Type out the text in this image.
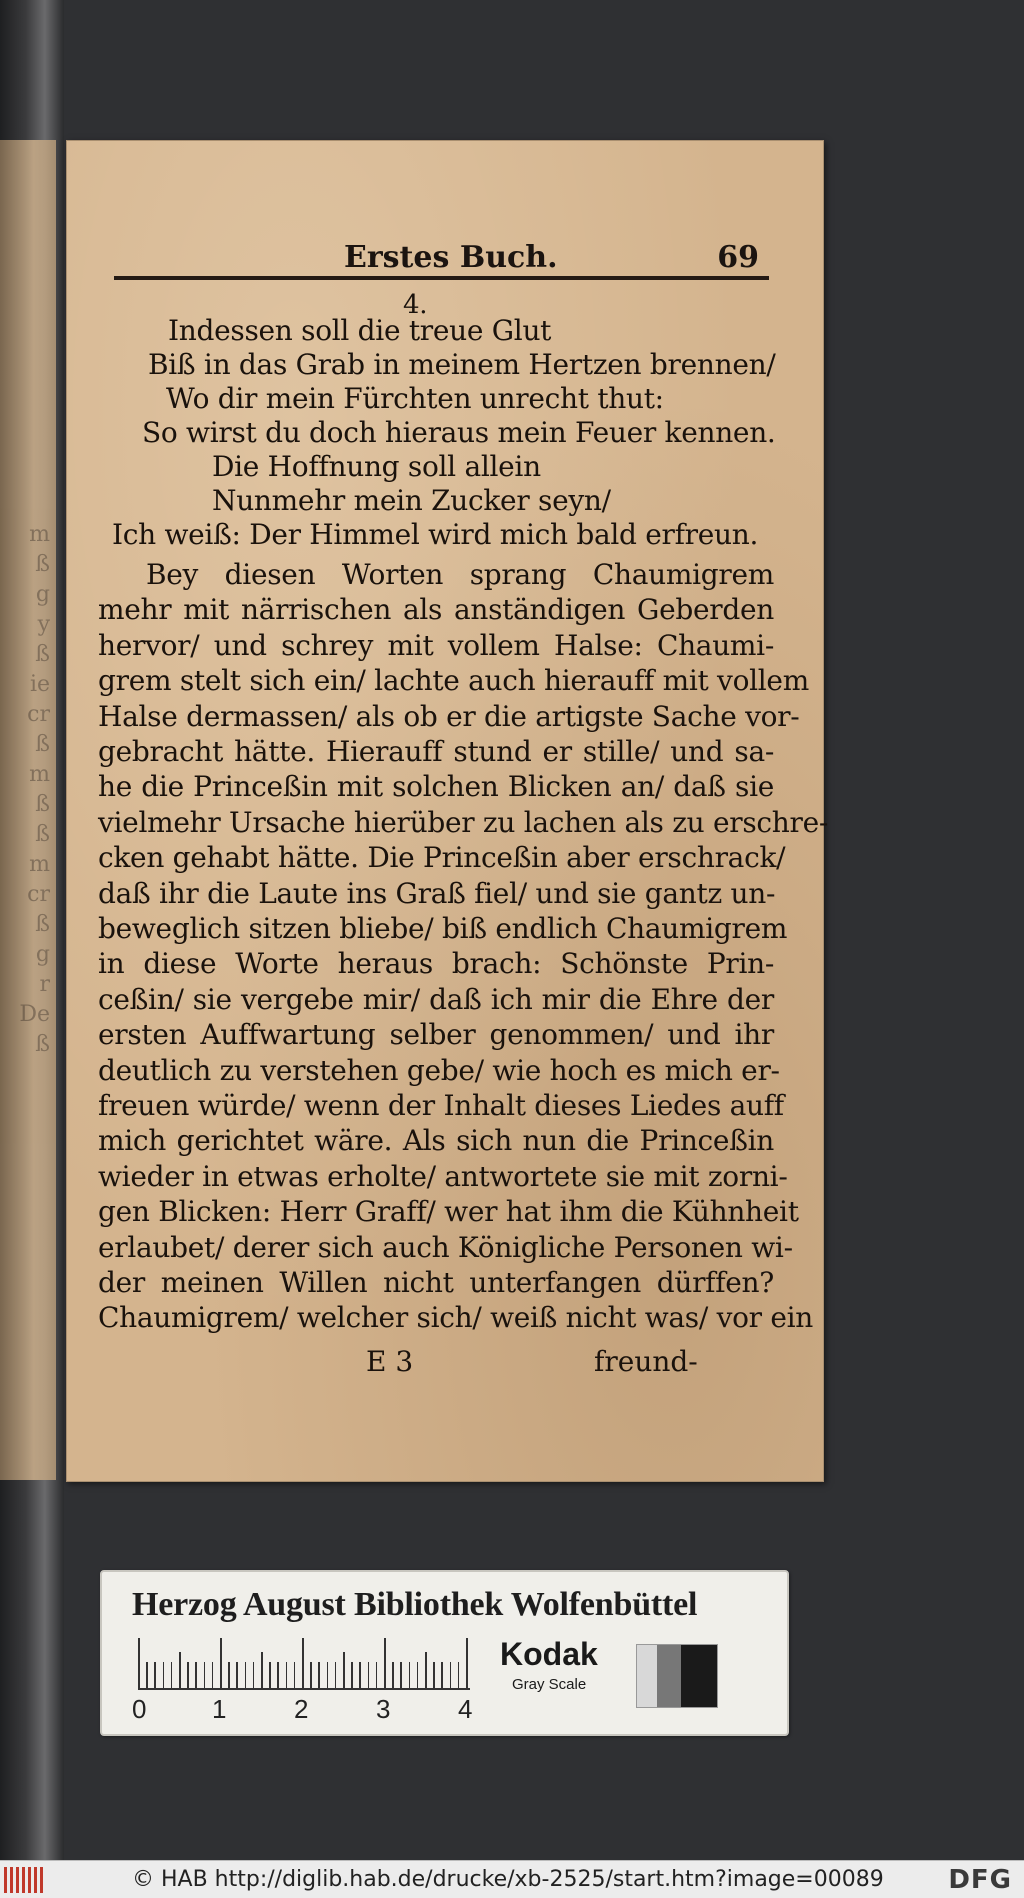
m
ß
g
y
ß
ie
cr
ß
m
ß
ß
m
cr
ß
g
r
De
ß
Erstes Buch.	69
4.
Indessen soll die treue Glut
Biß in das Grab in meinem Hertzen brennen/
Wo dir mein Fürchten unrecht thut:
So wirst du doch hieraus mein Feuer kennen.
Die Hoffnung soll allein
Nunmehr mein Zucker seyn/
Ich weiß: Der Himmel wird mich bald erfreun.
Bey diesen Worten sprang Chaumigrem
mehr mit närrischen als anständigen Geberden
hervor/ und schrey mit vollem Halse: Chaumi-
grem stelt sich ein/ lachte auch hierauff mit vollem
Halse dermassen/ als ob er die artigste Sache vor-
gebracht hätte. Hierauff stund er stille/ und sa-
he die Princeßin mit solchen Blicken an/ daß sie
vielmehr Ursache hierüber zu lachen als zu erschre-
cken gehabt hätte. Die Princeßin aber erschrack/
daß ihr die Laute ins Graß fiel/ und sie gantz un-
beweglich sitzen bliebe/ biß endlich Chaumigrem
in diese Worte heraus brach: Schönste Prin-
ceßin/ sie vergebe mir/ daß ich mir die Ehre der
ersten Auffwartung selber genommen/ und ihr
deutlich zu verstehen gebe/ wie hoch es mich er-
freuen würde/ wenn der Inhalt dieses Liedes auff
mich gerichtet wäre. Als sich nun die Princeßin
wieder in etwas erholte/ antwortete sie mit zorni-
gen Blicken: Herr Graff/ wer hat ihm die Kühnheit
erlaubet/ derer sich auch Königliche Personen wi-
der meinen Willen nicht unterfangen dürffen?
Chaumigrem/ welcher sich/ weiß nicht was/ vor ein
E 3	freund-
Herzog August Bibliothek Wolfenbüttel
0	1	2	3	4
Kodak
Gray Scale
© HAB http://diglib.hab.de/drucke/xb-2525/start.htm?image=00089 DFG
